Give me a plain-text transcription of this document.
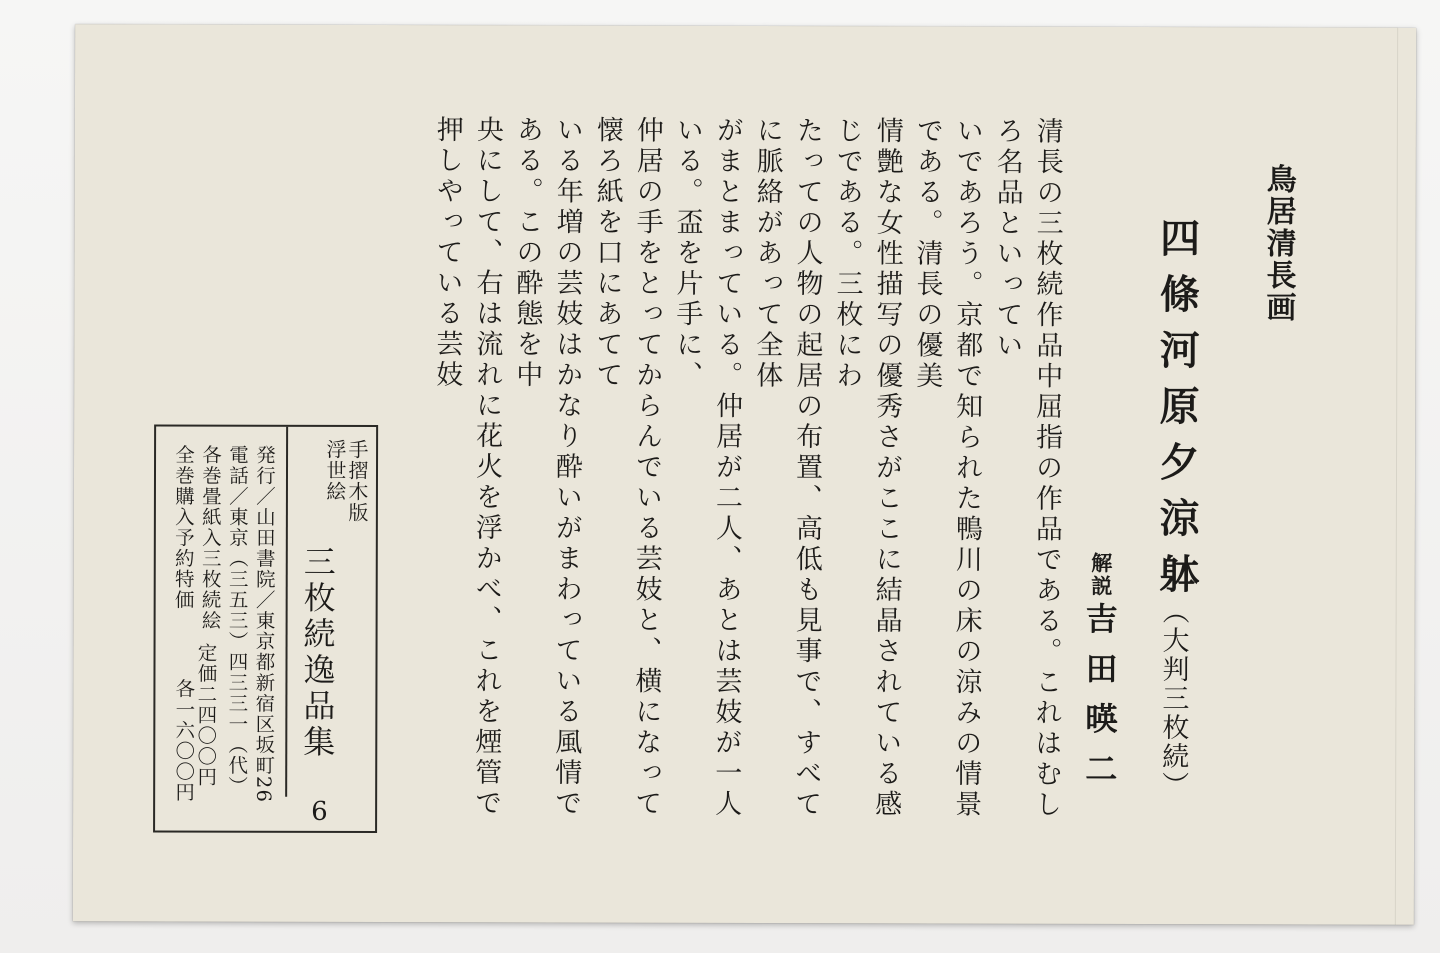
鳥居清長画
四條河原夕涼躰
（大判三枚続）
解説
吉田暎二

清長の三枚続作品中屈指の作品である。これはむしろ名品といってい

いであろう。京都で知られた鴨川の床の涼みの情景である。清長の優美

情艶な女性描写の優秀さがここに結晶されている感じである。三枚にわ

たっての人物の起居の布置、高低も見事で、すべてに脈絡があって全体

がまとまっている。仲居が二人、あとは芸妓が一人いる。盃を片手に、

仲居の手をとってからんでいる芸妓と、横になって懐ろ紙を口にあてて

いる年増の芸妓はかなり酔いがまわっている風情である。この酔態を中

央にして、右は流れに花火を浮かべ、これを煙管で押しやっている芸妓

手摺木版
浮世絵
三枚続逸品集
6
発行／山田書院／東京都新宿区坂町26
電話／東京（三五三）四三三一（代）
各巻畳紙入三枚続絵
全巻購入予約特価
定価二四〇〇円
各一六〇〇円
